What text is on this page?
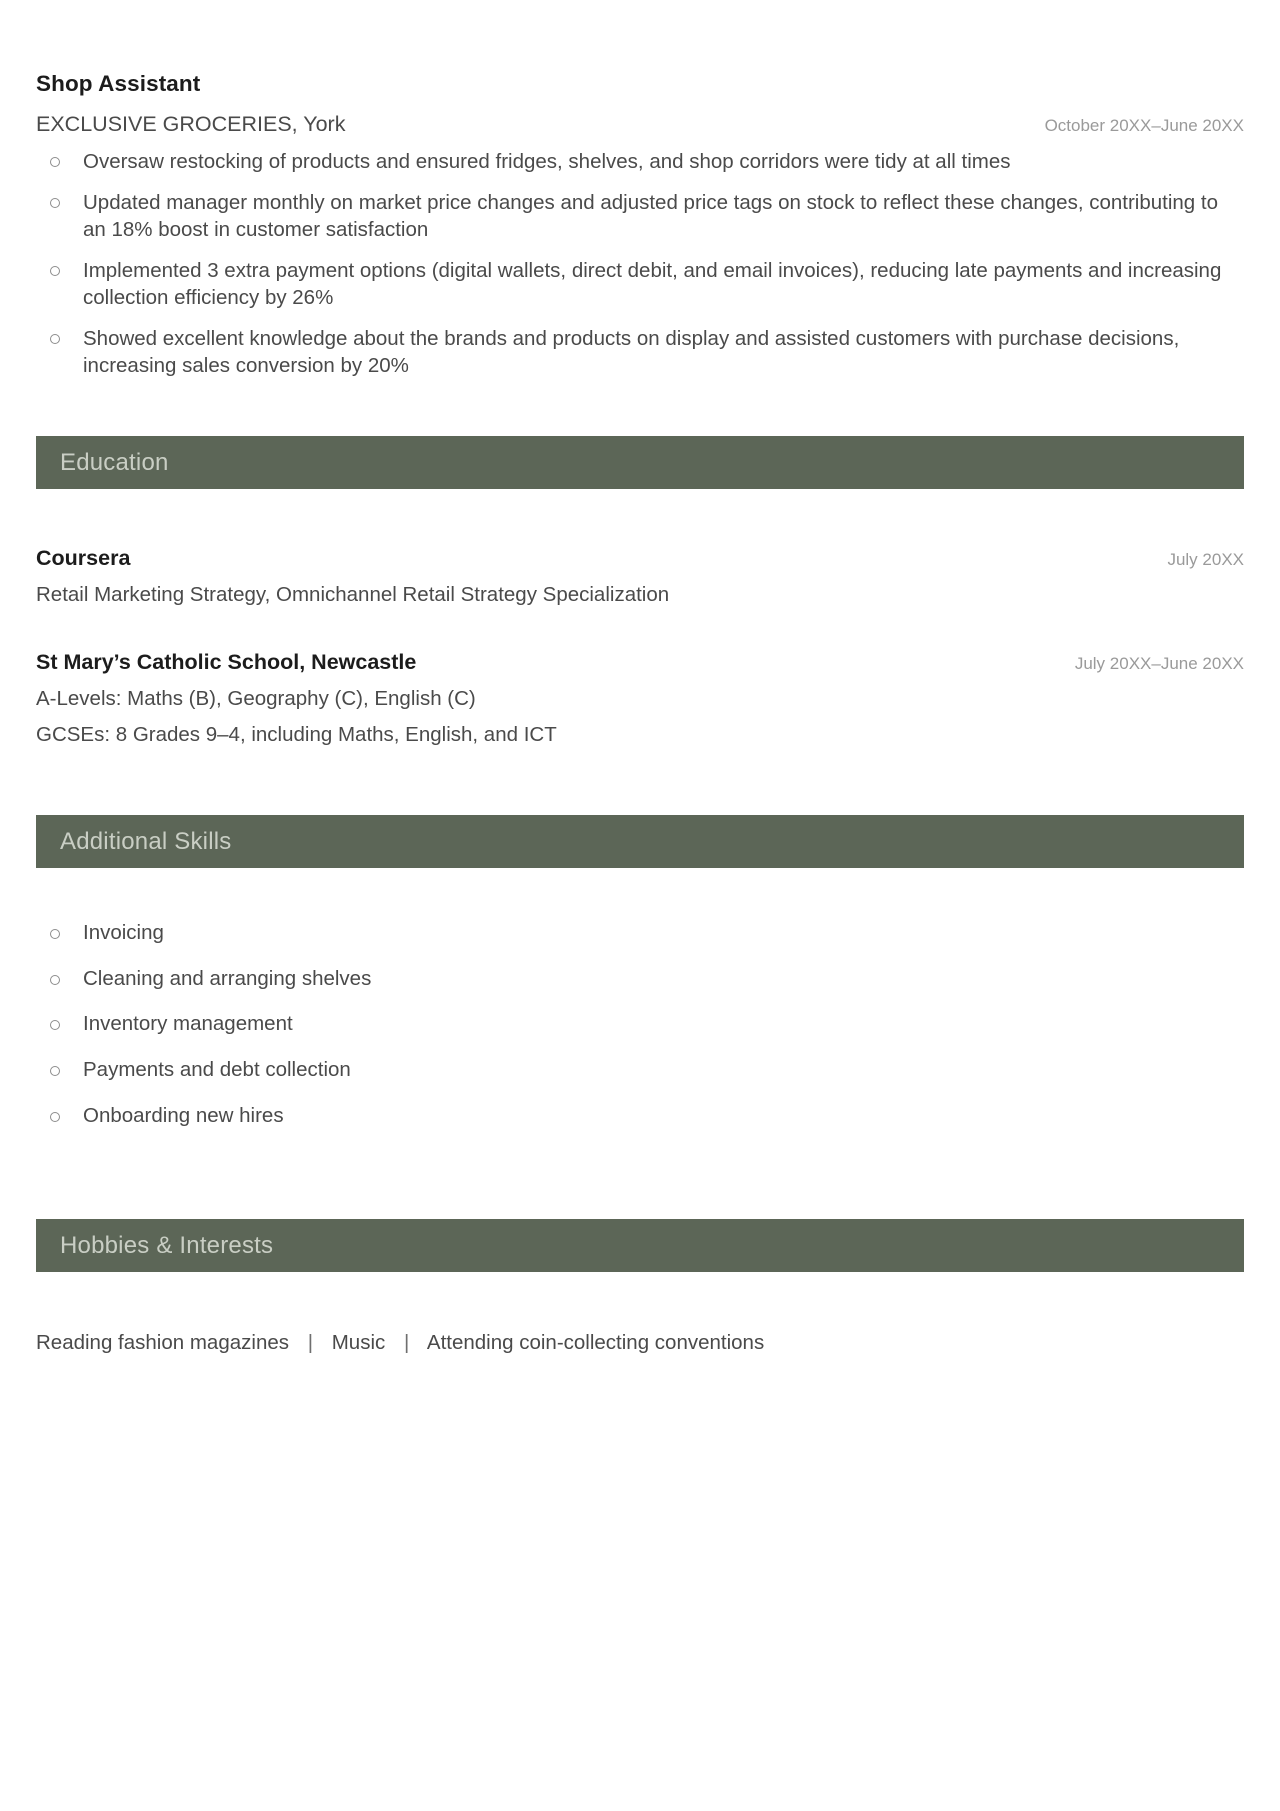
Shop Assistant
EXCLUSIVE GROCERIES, York	October 20XX–June 20XX
Oversaw restocking of products and ensured fridges, shelves, and shop corridors were tidy at all times
Updated manager monthly on market price changes and adjusted price tags on stock to reflect these changes, contributing to an 18% boost in customer satisfaction
Implemented 3 extra payment options (digital wallets, direct debit, and email invoices), reducing late payments and increasing collection efficiency by 26%
Showed excellent knowledge about the brands and products on display and assisted customers with purchase decisions, increasing sales conversion by 20%
Education
Coursera	July 20XX
Retail Marketing Strategy, Omnichannel Retail Strategy Specialization
St Mary’s Catholic School, Newcastle	July 20XX–June 20XX
A-Levels: Maths (B), Geography (C), English (C)
GCSEs: 8 Grades 9–4, including Maths, English, and ICT
Additional Skills
Invoicing
Cleaning and arranging shelves
Inventory management
Payments and debt collection
Onboarding new hires
Hobbies & Interests
Reading fashion magazines | Music | Attending coin-collecting conventions
